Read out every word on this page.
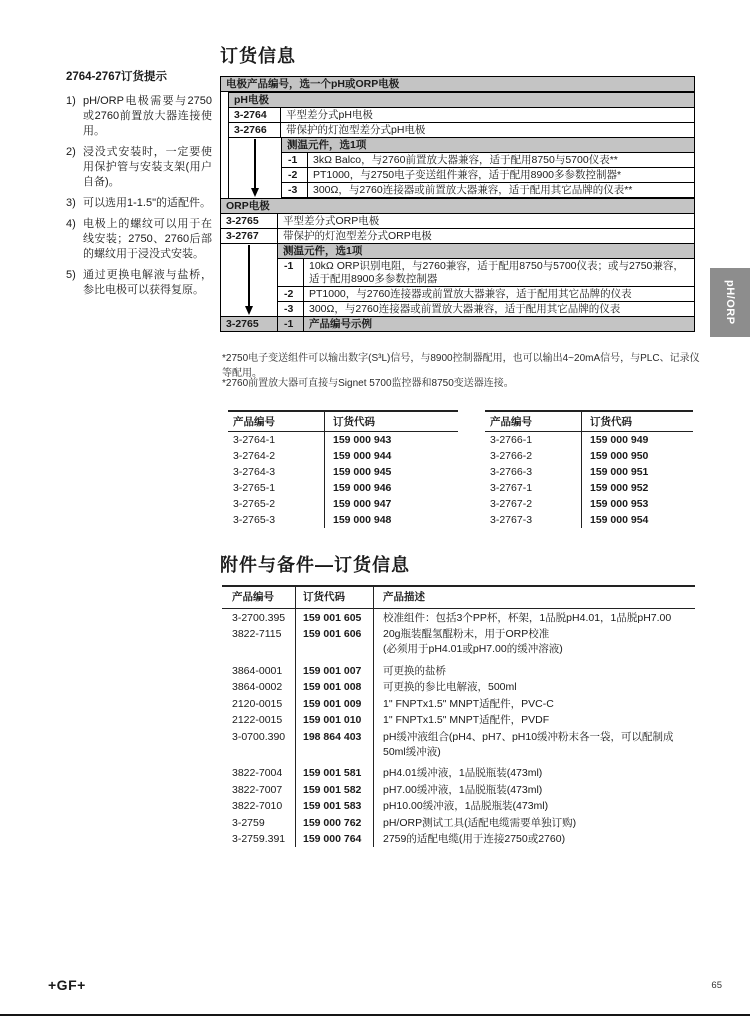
2764-2767订货提示
1) pH/ORP电极需要与2750或2760前置放大器连接使用。
2) 浸没式安装时，一定要使用保护管与安装支架(用户自备)。
3) 可以选用1-1.5"的适配件。
4) 电极上的螺纹可以用于在线安装；2750、2760后部的螺纹用于浸没式安装。
5) 通过更换电解液与盐桥，参比电极可以获得复原。
订货信息
电极产品编号，选一个pH或ORP电极
pH电极
3-2764	平型差分式pH电极
3-2766	带保护的灯泡型差分式pH电极
测温元件，选1项
-1	3kΩ Balco，与2760前置放大器兼容，适于配用8750与5700仪表**
-2	PT1000，与2750电子变送组件兼容，适于配用8900多参数控制器*
-3	300Ω，与2760连接器或前置放大器兼容，适于配用其它品牌的仪表**
ORP电极
3-2765	平型差分式ORP电极
3-2767	带保护的灯泡型差分式ORP电极
测温元件，选1项
-1	10kΩ ORP识别电阻，与2760兼容，适于配用8750与5700仪表；或与2750兼容，适于配用8900多参数控制器
-2	PT1000，与2760连接器或前置放大器兼容，适于配用其它品牌的仪表
-3	300Ω，与2760连接器或前置放大器兼容，适于配用其它品牌的仪表
3-2765	-1	产品编号示例
*2750电子变送组件可以输出数字(S³L)信号，与8900控制器配用，也可以输出4~20mA信号，与PLC、记录仪等配用。
*2760前置放大器可直接与Signet 5700监控器和8750变送器连接。
产品编号	订货代码
3-2764-1	159 000 943
3-2764-2	159 000 944
3-2764-3	159 000 945
3-2765-1	159 000 946
3-2765-2	159 000 947
3-2765-3	159 000 948
产品编号	订货代码
3-2766-1	159 000 949
3-2766-2	159 000 950
3-2766-3	159 000 951
3-2767-1	159 000 952
3-2767-2	159 000 953
3-2767-3	159 000 954
附件与备件—订货信息
产品编号	订货代码	产品描述
3-2700.395	159 001 605	校准组件：包括3个PP杯，杯架，1品脱pH4.01，1品脱pH7.00
3822-7115	159 001 606	20g瓶装醌氢醌粉末，用于ORP校准
(必须用于pH4.01或pH7.00的缓冲溶液)
3864-0001	159 001 007	可更换的盐桥
3864-0002	159 001 008	可更换的参比电解液，500ml
2120-0015	159 001 009	1" FNPTx1.5" MNPT适配件，PVC-C
2122-0015	159 001 010	1" FNPTx1.5" MNPT适配件，PVDF
3-0700.390	198 864 403	pH缓冲液组合(pH4、pH7、pH10缓冲粉末各一袋，可以配制成
50ml缓冲液)
3822-7004	159 001 581	pH4.01缓冲液，1品脱瓶装(473ml)
3822-7007	159 001 582	pH7.00缓冲液，1品脱瓶装(473ml)
3822-7010	159 001 583	pH10.00缓冲液，1品脱瓶装(473ml)
3-2759	159 000 762	pH/ORP测试工具(适配电缆需要单独订购)
3-2759.391	159 000 764	2759的适配电缆(用于连接2750或2760)
pH/ORP
+GF+	65
